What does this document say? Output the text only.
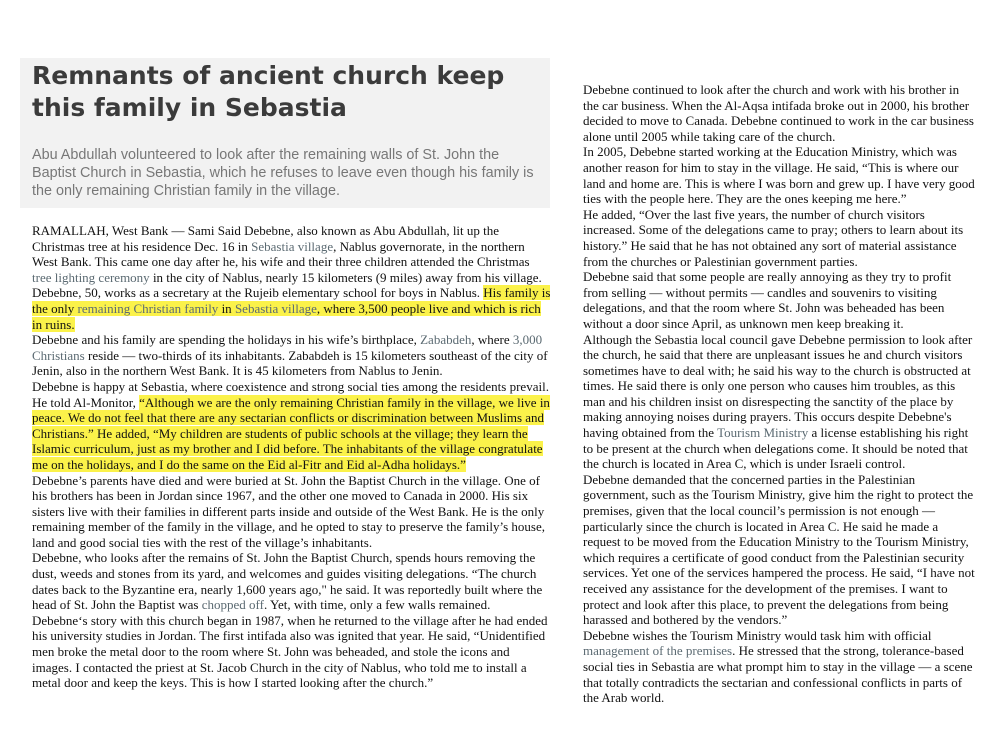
Remnants of ancient church keep this family in Sebastia

Abu Abdullah volunteered to look after the remaining walls of St. John the Baptist Church in Sebastia, which he refuses to leave even though his family is the only remaining Christian family in the village.

RAMALLAH, West Bank — Sami Said Debebne, also known as Abu Abdullah, lit up the Christmas tree at his residence Dec. 16 in Sebastia village, Nablus governorate, in the northern West Bank. This came one day after he, his wife and their three children attended the Christmas tree lighting ceremony in the city of Nablus, nearly 15 kilometers (9 miles) away from his village.

Debebne, 50, works as a secretary at the Rujeib elementary school for boys in Nablus. His family is the only remaining Christian family in Sebastia village, where 3,500 people live and which is rich in ruins.

Debebne and his family are spending the holidays in his wife’s birthplace, Zababdeh, where 3,000 Christians reside — two-thirds of its inhabitants. Zababdeh is 15 kilometers southeast of the city of Jenin, also in the northern West Bank. It is 45 kilometers from Nablus to Jenin.

Debebne is happy at Sebastia, where coexistence and strong social ties among the residents prevail. He told Al-Monitor, “Although we are the only remaining Christian family in the village, we live in peace. We do not feel that there are any sectarian conflicts or discrimination between Muslims and Christians.” He added, “My children are students of public schools at the village; they learn the Islamic curriculum, just as my brother and I did before. The inhabitants of the village congratulate me on the holidays, and I do the same on the Eid al-Fitr and Eid al-Adha holidays.”

Debebne’s parents have died and were buried at St. John the Baptist Church in the village. One of his brothers has been in Jordan since 1967, and the other one moved to Canada in 2000. His six sisters live with their families in different parts inside and outside of the West Bank. He is the only remaining member of the family in the village, and he opted to stay to preserve the family’s house, land and good social ties with the rest of the village’s inhabitants.

Debebne, who looks after the remains of St. John the Baptist Church, spends hours removing the dust, weeds and stones from its yard, and welcomes and guides visiting delegations. “The church dates back to the Byzantine era, nearly 1,600 years ago," he said. It was reportedly built where the head of St. John the Baptist was chopped off. Yet, with time, only a few walls remained.

Debebne‘s story with this church began in 1987, when he returned to the village after he had ended his university studies in Jordan. The first intifada also was ignited that year. He said, “Unidentified men broke the metal door to the room where St. John was beheaded, and stole the icons and images. I contacted the priest at St. Jacob Church in the city of Nablus, who told me to install a metal door and keep the keys. This is how I started looking after the church.”

Debebne continued to look after the church and work with his brother in the car business. When the Al-Aqsa intifada broke out in 2000, his brother decided to move to Canada. Debebne continued to work in the car business alone until 2005 while taking care of the church.

In 2005, Debebne started working at the Education Ministry, which was another reason for him to stay in the village. He said, “This is where our land and home are. This is where I was born and grew up. I have very good ties with the people here. They are the ones keeping me here.”

He added, “Over the last five years, the number of church visitors increased. Some of the delegations came to pray; others to learn about its history.” He said that he has not obtained any sort of material assistance from the churches or Palestinian government parties.

Debebne said that some people are really annoying as they try to profit from selling — without permits — candles and souvenirs to visiting delegations, and that the room where St. John was beheaded has been without a door since April, as unknown men keep breaking it.

Although the Sebastia local council gave Debebne permission to look after the church, he said that there are unpleasant issues he and church visitors sometimes have to deal with; he said his way to the church is obstructed at times. He said there is only one person who causes him troubles, as this man and his children insist on disrespecting the sanctity of the place by making annoying noises during prayers. This occurs despite Debebne's having obtained from the Tourism Ministry a license establishing his right to be present at the church when delegations come. It should be noted that the church is located in Area C, which is under Israeli control.

Debebne demanded that the concerned parties in the Palestinian government, such as the Tourism Ministry, give him the right to protect the premises, given that the local council’s permission is not enough — particularly since the church is located in Area C. He said he made a request to be moved from the Education Ministry to the Tourism Ministry, which requires a certificate of good conduct from the Palestinian security services. Yet one of the services hampered the process. He said, “I have not received any assistance for the development of the premises. I want to protect and look after this place, to prevent the delegations from being harassed and bothered by the vendors.”

Debebne wishes the Tourism Ministry would task him with official management of the premises. He stressed that the strong, tolerance-based social ties in Sebastia are what prompt him to stay in the village — a scene that totally contradicts the sectarian and confessional conflicts in parts of the Arab world.
